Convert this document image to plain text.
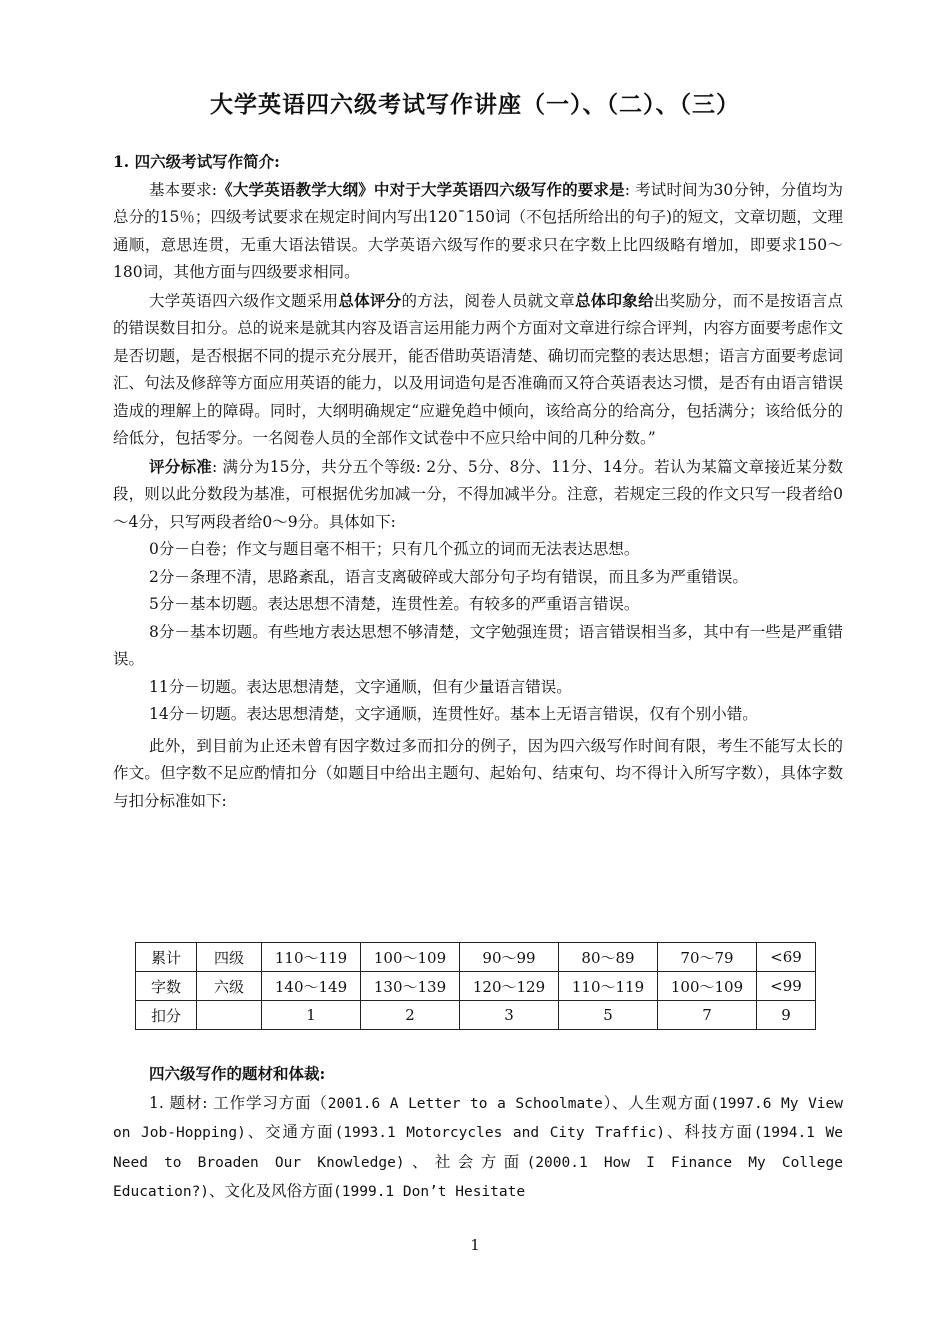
大学英语四六级考试写作讲座（一）、（二）、（三）

1. 四六级考试写作简介:

基本要求:《大学英语教学大纲》中对于大学英语四六级写作的要求是: 考试时间为30分钟，分值均为总分的15％；四级考试要求在规定时间内写出120¯150词（不包括所给出的句子)的短文，文章切题，文理通顺，意思连贯，无重大语法错误。大学英语六级写作的要求只在字数上比四级略有增加，即要求150～180词，其他方面与四级要求相同。

大学英语四六级作文题采用总体评分的方法，阅卷人员就文章总体印象给出奖励分，而不是按语言点的错误数目扣分。总的说来是就其内容及语言运用能力两个方面对文章进行综合评判，内容方面要考虑作文是否切题，是否根据不同的提示充分展开，能否借助英语清楚、确切而完整的表达思想；语言方面要考虑词汇、句法及修辞等方面应用英语的能力，以及用词造句是否准确而又符合英语表达习惯，是否有由语言错误造成的理解上的障碍。同时，大纲明确规定“应避免趋中倾向，该给高分的给高分，包括满分；该给低分的给低分，包括零分。一名阅卷人员的全部作文试卷中不应只给中间的几种分数。”

评分标准: 满分为15分，共分五个等级: 2分、5分、8分、11分、14分。若认为某篇文章接近某分数段，则以此分数段为基准，可根据优劣加减一分，不得加减半分。注意，若规定三段的作文只写一段者给0～4分，只写两段者给0～9分。具体如下:

0分－白卷；作文与题目毫不相干；只有几个孤立的词而无法表达思想。

2分－条理不清，思路紊乱，语言支离破碎或大部分句子均有错误，而且多为严重错误。

5分－基本切题。表达思想不清楚，连贯性差。有较多的严重语言错误。

8分－基本切题。有些地方表达思想不够清楚，文字勉强连贯；语言错误相当多，其中有一些是严重错误。

11分－切题。表达思想清楚，文字通顺，但有少量语言错误。

14分－切题。表达思想清楚，文字通顺，连贯性好。基本上无语言错误，仅有个别小错。

此外，到目前为止还未曾有因字数过多而扣分的例子，因为四六级写作时间有限，考生不能写太长的作文。但字数不足应酌情扣分（如题目中给出主题句、起始句、结束句、均不得计入所写字数），具体字数与扣分标准如下:

累计	四级	110～119	100～109	90～99	80～89	70～79	<69
字数	六级	140～149	130～139	120～129	110～119	100～109	<99
扣分		1	2	3	5	7	9

四六级写作的题材和体裁:

1. 题材: 工作学习方面（2001.6 A Letter to a Schoolmate）、人生观方面(1997.6 My View on Job-Hopping)、交通方面(1993.1 Motorcycles and City Traffic)、科技方面(1994.1 We Need to Broaden Our Knowledge)、社会方面(2000.1 How I Finance My College Education?)、文化及风俗方面(1999.1 Don’t Hesitate

1
